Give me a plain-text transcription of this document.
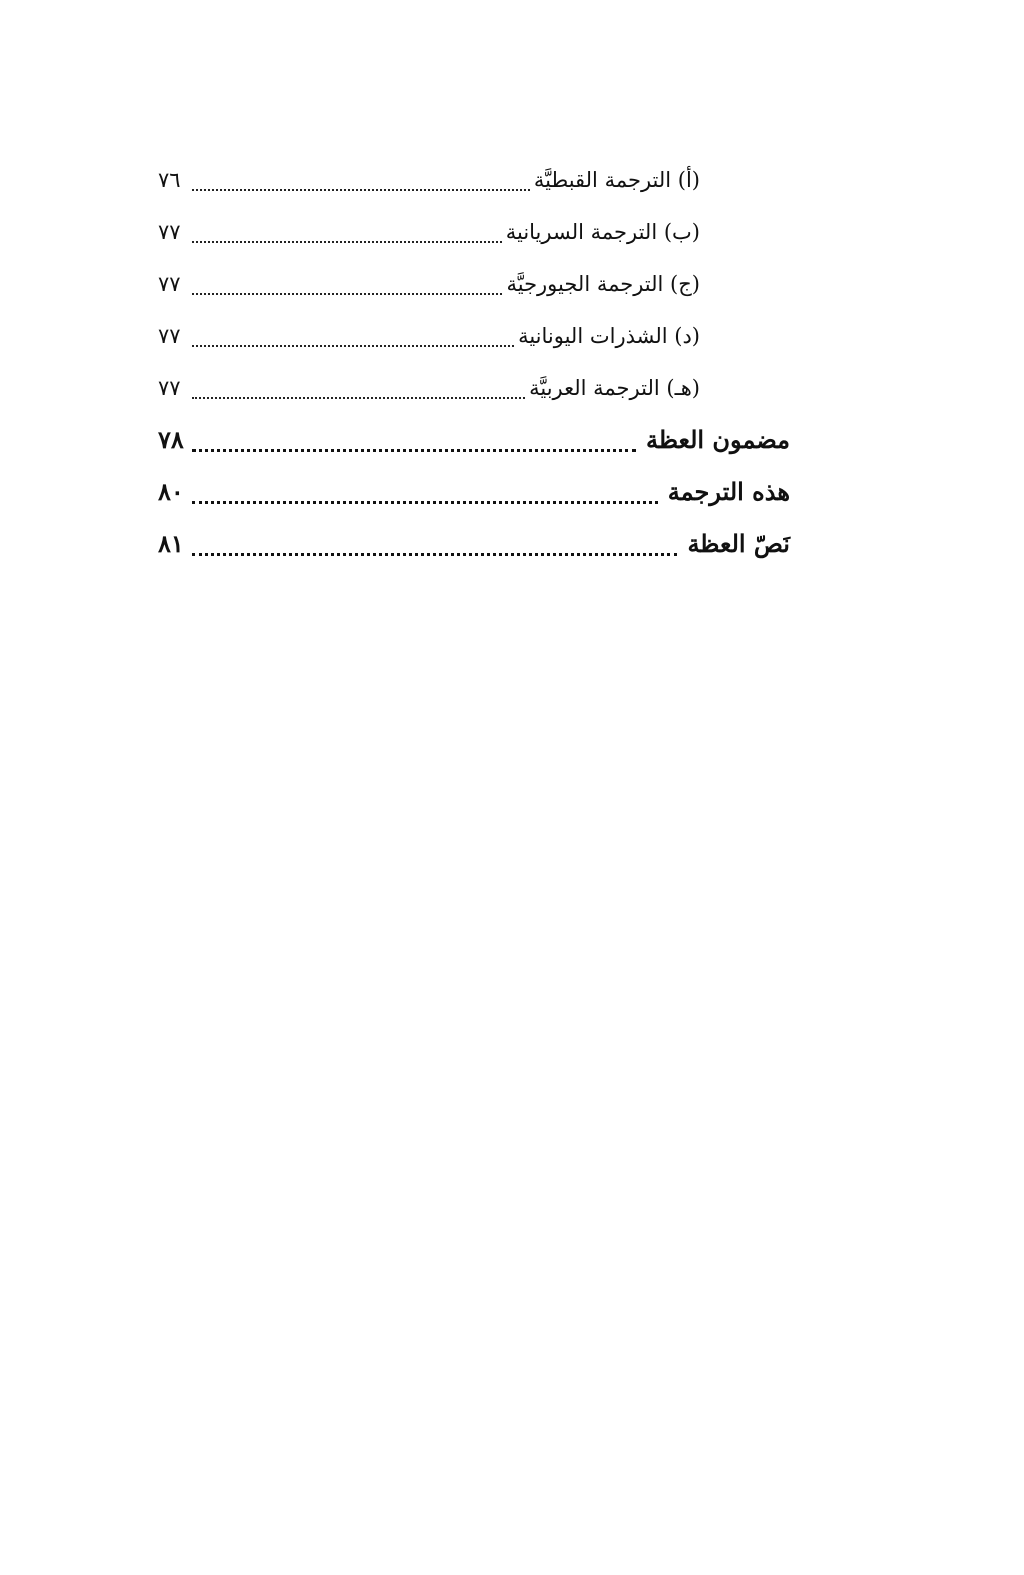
(أ) الترجمة القبطيَّة
٧٦
(ب) الترجمة السريانية
٧٧
(ج) الترجمة الجيورجيَّة
٧٧
(د) الشذرات اليونانية
٧٧
(هـ) الترجمة العربيَّة
٧٧
مضمون العظة
٧٨
هذه الترجمة
٨٠
نَصّ العظة
٨١
